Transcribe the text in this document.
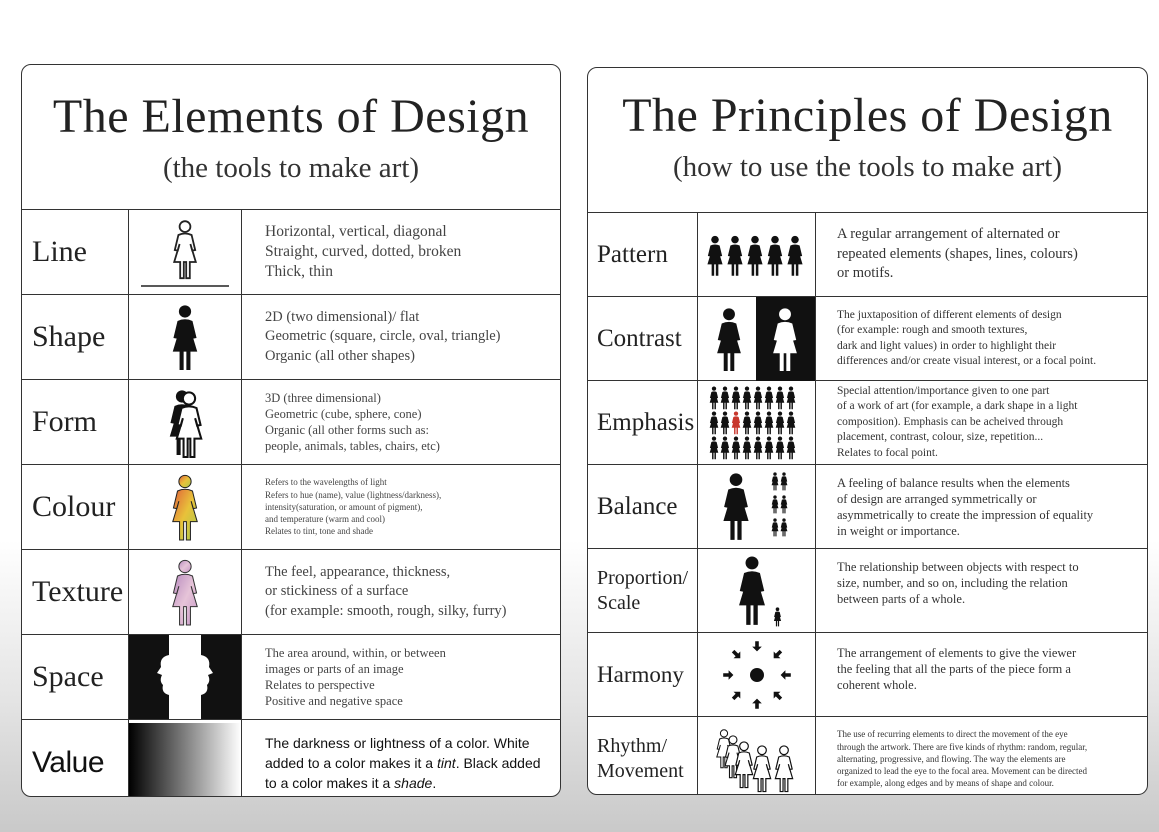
The Elements of Design
(the tools to make art)
Line
Horizontal, vertical, diagonal
Straight, curved, dotted, broken
Thick, thin
Shape
2D (two dimensional)/ flat
Geometric (square, circle, oval, triangle)
Organic (all other shapes)
Form
3D (three dimensional)
Geometric (cube, sphere, cone)
Organic (all other forms such as:
people, animals, tables, chairs, etc)
Colour
Refers to the wavelengths of light
Refers to hue (name), value (lightness/darkness),
intensity(saturation, or amount of pigment),
and temperature (warm and cool)
Relates to tint, tone and shade
Texture
The feel, appearance, thickness,
or stickiness of a surface
(for example: smooth, rough, silky, furry)
Space
The area around, within, or between
images or parts of an image
Relates to perspective
Positive and negative space
Value
The darkness or lightness of a color. White
added to a color makes it a tint. Black added
to a color makes it a shade.
The Principles of Design
(how to use the tools to make art)
Pattern
A regular arrangement of alternated or
repeated elements (shapes, lines, colours)
or motifs.
Contrast
The juxtaposition of different elements of design
(for example: rough and smooth textures,
dark and light values) in order to highlight their
differences and/or create visual interest, or a focal point.
Emphasis
Special attention/importance given to one part
of a work of art (for example, a dark shape in a light
composition). Emphasis can be acheived through
placement, contrast, colour, size, repetition...
Relates to focal point.
Balance
A feeling of balance results when the elements
of design are arranged symmetrically or
asymmetrically to create the impression of equality
in weight or importance.
Proportion/
Scale
The relationship between objects with respect to
size, number, and so on, including the relation
between parts of a whole.
Harmony
The arrangement of elements to give the viewer
the feeling that all the parts of the piece form a
coherent whole.
Rhythm/
Movement
The use of recurring elements to direct the movement of the eye
through the artwork. There are five kinds of rhythm: random, regular,
alternating, progressive, and flowing. The way the elements are
organized to lead the eye to the focal area. Movement can be directed
for example, along edges and by means of shape and colour.
